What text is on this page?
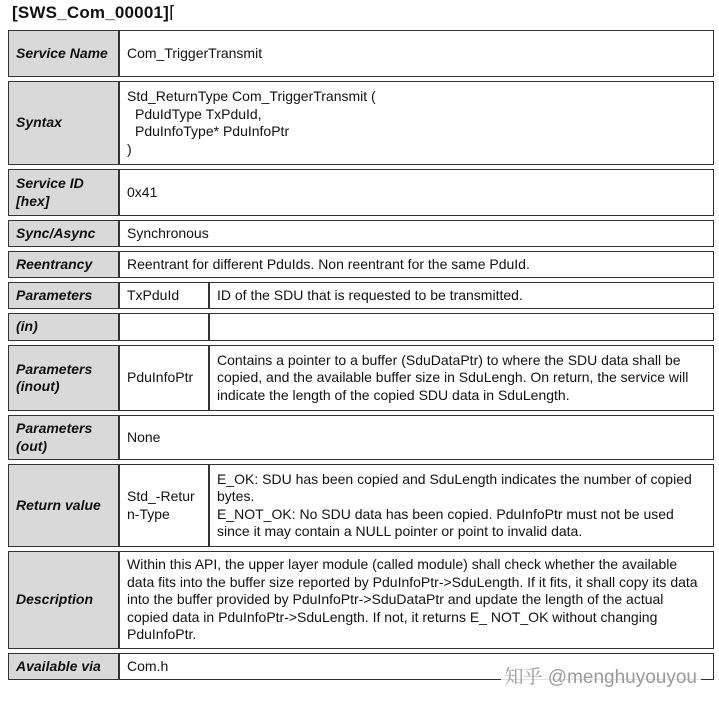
[SWS_Com_00001]⌈
Service Name	Com_TriggerTransmit	
Syntax	Std_ReturnType Com_TriggerTransmit (
PduIdType TxPduId,
PduInfoType* PduInfoPtr
)	

Service ID [hex]	0x41	
Sync/Async	Synchronous	
Reentrancy	Reentrant for different PduIds. Non reentrant for the same PduId.	
Parameters	TxPduId	ID of the SDU that is requested to be transmitted.
(in)		
Parameters (inout)	PduInfoPtr	Contains a pointer to a buffer (SduDataPtr) to where the SDU data shall be copied, and the available buffer size in SduLengh. On return, the service will indicate the length of the copied SDU data in SduLength.
Parameters (out)	None	
Return value	Std_-Return-Type	E_OK: SDU has been copied and SduLength indicates the number of copied bytes.
E_NOT_OK: No SDU data has been copied. PduInfoPtr must not be used since it may contain a NULL pointer or point to invalid data.

Description	Within this API, the upper layer module (called module) shall check whether the available data fits into the buffer size reported by PduInfoPtr->SduLength. If it fits, it shall copy its data into the buffer provided by PduInfoPtr->SduDataPtr and update the length of the actual copied data in PduInfoPtr->SduLength. If not, it returns E_ NOT_OK without changing PduInfoPtr.	
Available via	Com.h	
知乎 @menghuyouyou
